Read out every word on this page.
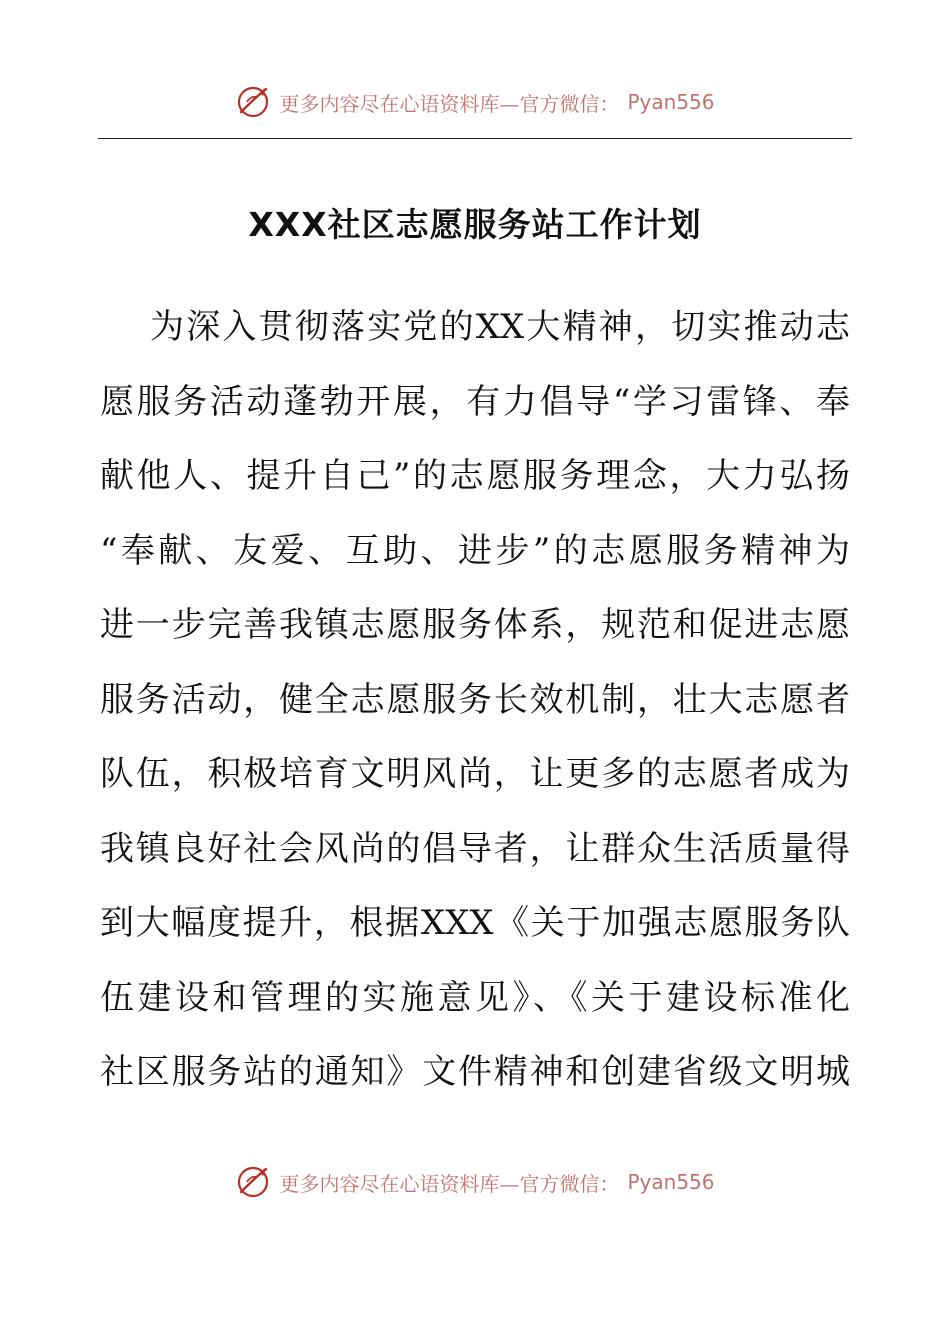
更多内容尽在心语资料库—官方微信： Pyan556
XXX社区志愿服务站工作计划
为深入贯彻落实党的XX大精神，切实推动志
愿服务活动蓬勃开展，有力倡导“学习雷锋、奉
献他人、提升自己”的志愿服务理念，大力弘扬
“奉献、友爱、互助、进步”的志愿服务精神为
进一步完善我镇志愿服务体系，规范和促进志愿
服务活动，健全志愿服务长效机制，壮大志愿者
队伍，积极培育文明风尚，让更多的志愿者成为
我镇良好社会风尚的倡导者，让群众生活质量得
到大幅度提升，根据XXX《关于加强志愿服务队
伍建设和管理的实施意见》、《关于建设标准化
社区服务站的通知》文件精神和创建省级文明城
更多内容尽在心语资料库—官方微信： Pyan556
